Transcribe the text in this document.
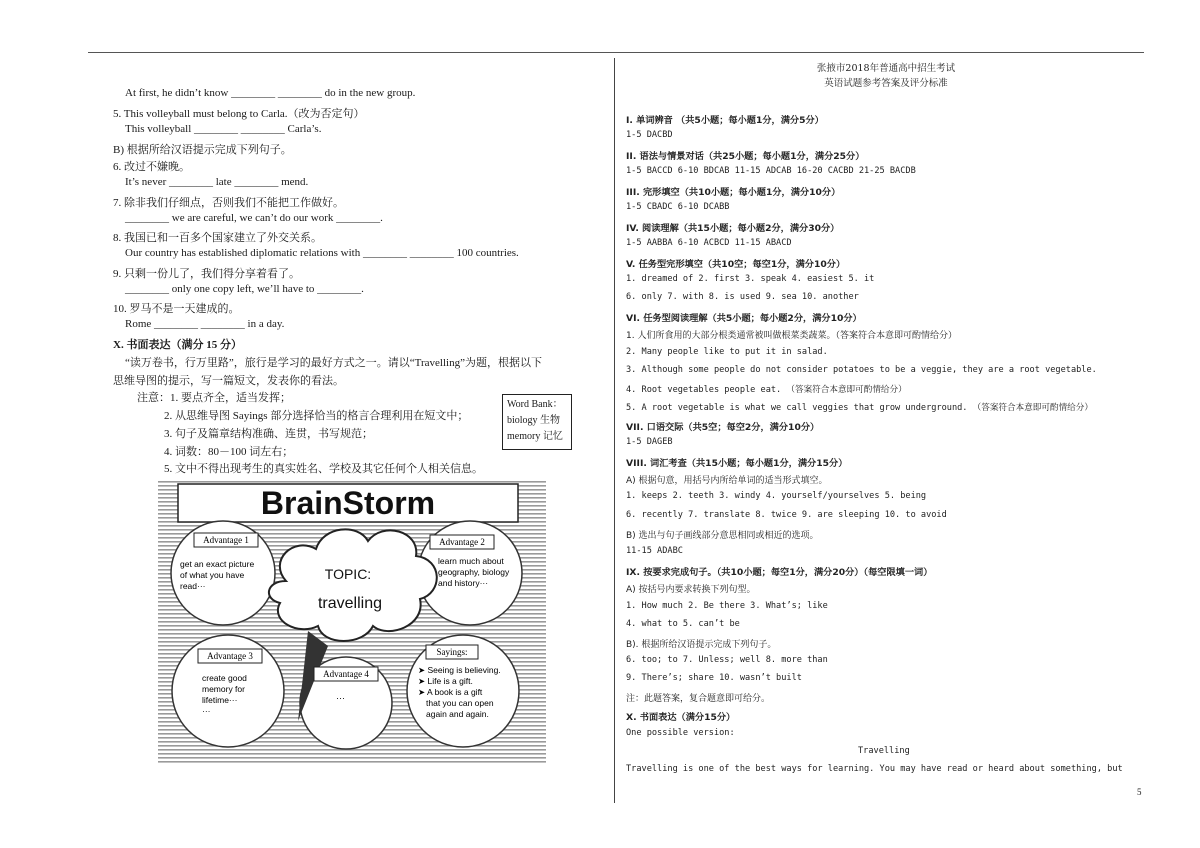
At first, he didn’t know ________ ________ do in the new group.
5. This volleyball must belong to Carla.（改为否定句）
This volleyball ________ ________ Carla’s.
B) 根据所给汉语提示完成下列句子。
6. 改过不嫌晚。
It’s never ________ late ________ mend.
7. 除非我们仔细点，否则我们不能把工作做好。
________ we are careful, we can’t do our work ________.
8. 我国已和一百多个国家建立了外交关系。
Our country has established diplomatic relations with ________ ________ 100 countries.
9. 只剩一份儿了，我们得分享着看了。
________ only one copy left, we’ll have to ________.
10. 罗马不是一天建成的。
Rome ________ ________ in a day.
X. 书面表达（满分 15 分）
“读万卷书，行万里路”，旅行是学习的最好方式之一。请以“Travelling”为题，根据以下
思维导图的提示，写一篇短文，发表你的看法。
注意：1. 要点齐全，适当发挥；
2. 从思维导图 Sayings 部分选择恰当的格言合理利用在短文中；
3. 句子及篇章结构准确、连贯，书写规范；
4. 词数：80－100 词左右；
5. 文中不得出现考生的真实姓名、学校及其它任何个人相关信息。
Word Bank：
biology 生物
memory 记忆
BrainStorm
TOPIC:
travelling
Advantage 1
get an exact picture
of what you have
read···
Advantage 2
learn much about
geography, biology
and history···
Advantage 3
create good
memory for
lifetime···
···
Advantage 4
···
Sayings:
➤ Seeing is believing.
➤ Life is a gift.
➤ A book is a gift
that you can open
again and again.
张掖市2018年普通高中招生考试
英语试题参考答案及评分标准
I. 单词辨音 （共5小题；每小题1分，满分5分）
1-5 DACBD
II. 语法与情景对话（共25小题；每小题1分，满分25分）
1-5 BACCD 6-10 BDCAB 11-15 ADCAB 16-20 CACBD 21-25 BACDB
III. 完形填空（共10小题；每小题1分，满分10分）
1-5 CBADC 6-10 DCABB
IV. 阅读理解（共15小题；每小题2分，满分30分）
1-5 AABBA 6-10 ACBCD 11-15 ABACD
V. 任务型完形填空（共10空；每空1分，满分10分）
1. dreamed of 2. first 3. speak 4. easiest 5. it
6. only 7. with 8. is used 9. sea 10. another
VI. 任务型阅读理解（共5小题；每小题2分，满分10分）
1. 人们所食用的大部分根类通常被叫做根菜类蔬菜。（答案符合本意即可酌情给分）
2. Many people like to put it in salad.
3. Although some people do not consider potatoes to be a veggie, they are a root vegetable.
4. Root vegetables people eat. （答案符合本意即可酌情给分）
5. A root vegetable is what we call veggies that grow underground. （答案符合本意即可酌情给分）
VII. 口语交际（共5空；每空2分，满分10分）
1-5 DAGEB
VIII. 词汇考查（共15小题；每小题1分，满分15分）
A) 根据句意，用括号内所给单词的适当形式填空。
1. keeps 2. teeth 3. windy 4. yourself/yourselves 5. being
6. recently 7. translate 8. twice 9. are sleeping 10. to avoid
B) 选出与句子画线部分意思相同或相近的选项。
11-15 ADABC
IX. 按要求完成句子。（共10小题；每空1分，满分20分）（每空限填一词）
A) 按括号内要求转换下列句型。
1. How much 2. Be there 3. What’s; like
4. what to 5. can’t be
B). 根据所给汉语提示完成下列句子。
6. too; to 7. Unless; well 8. more than
9. There’s; share 10. wasn’t built
注：此题答案，复合题意即可给分。
X. 书面表达（满分15分）
One possible version:
Travelling
Travelling is one of the best ways for learning. You may have read or heard about something, but
5
